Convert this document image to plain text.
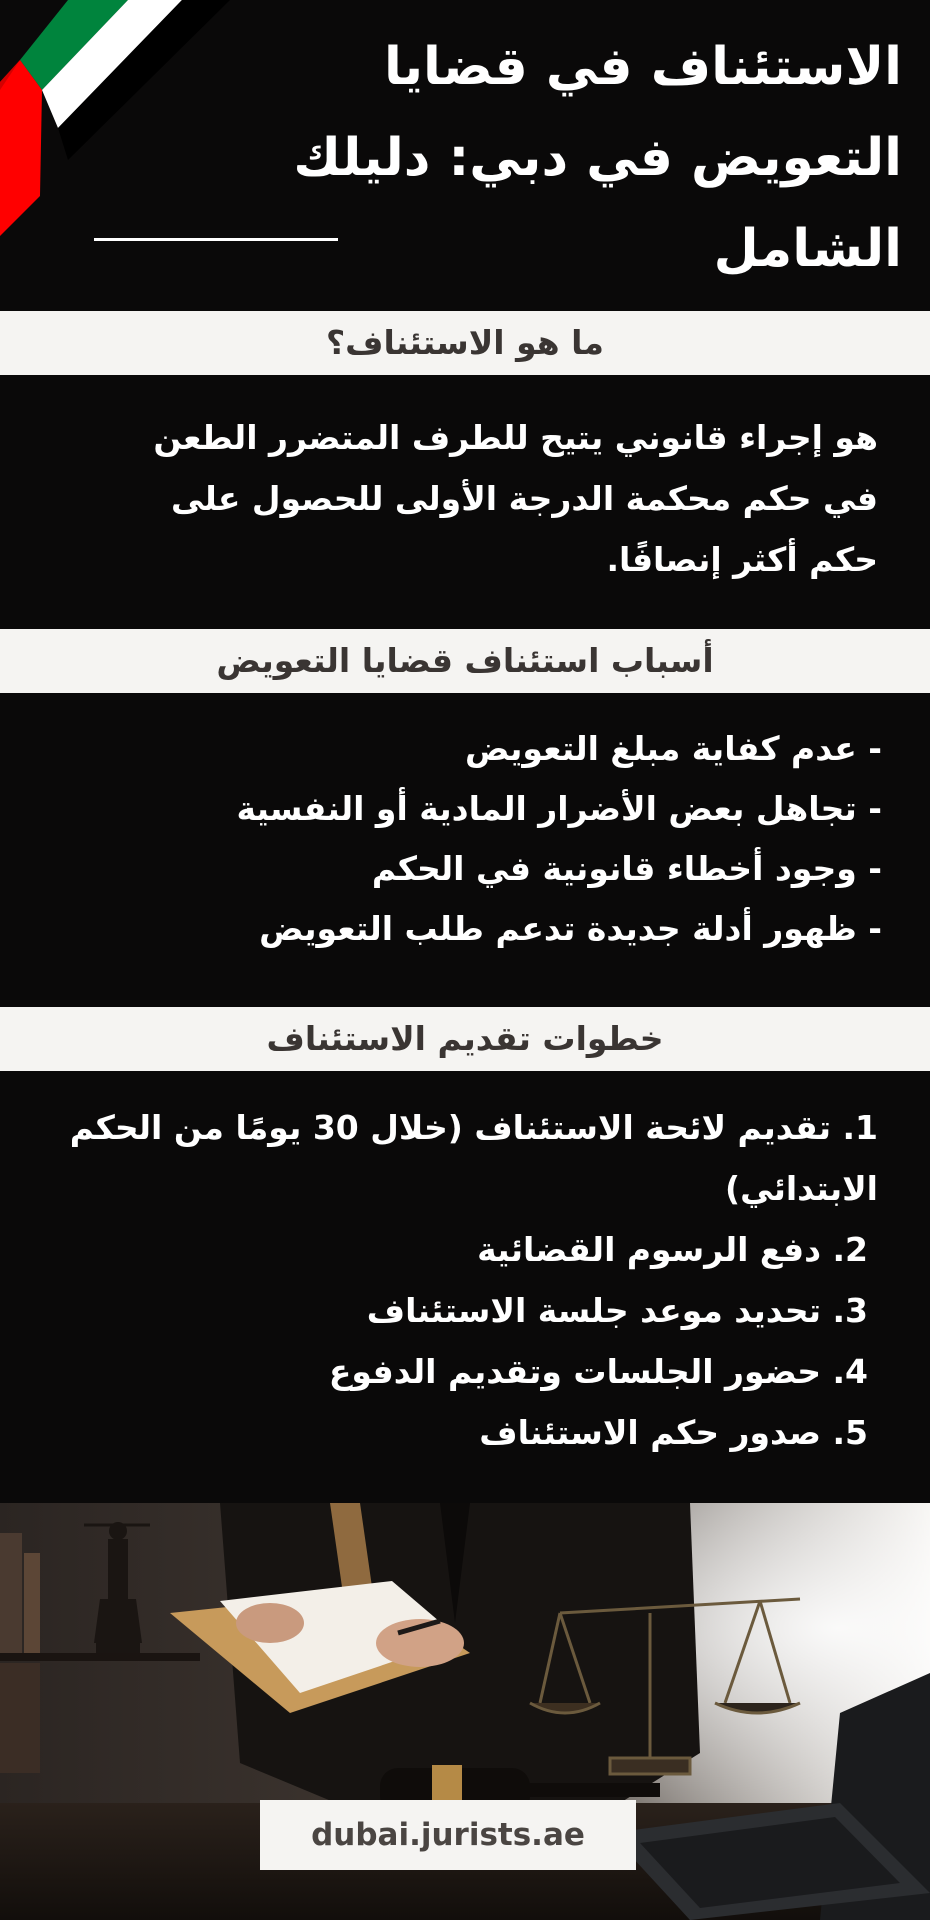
الاستئناف في قضايا التعويض في دبي: دليلك الشامل
ما هو الاستئناف؟

هو إجراء قانوني يتيح للطرف المتضرر الطعن في حكم محكمة الدرجة الأولى للحصول على حكم أكثر إنصافًا.

أسباب استئناف قضايا التعويض
- عدم كفاية مبلغ التعويض
- تجاهل بعض الأضرار المادية أو النفسية
- وجود أخطاء قانونية في الحكم
- ظهور أدلة جديدة تدعم طلب التعويض
خطوات تقديم الاستئناف
1. تقديم لائحة الاستئناف (خلال 30 يومًا من الحكم الابتدائي)
2. دفع الرسوم القضائية
3. تحديد موعد جلسة الاستئناف
4. حضور الجلسات وتقديم الدفوع
5. صدور حكم الاستئناف
dubai.jurists.ae
